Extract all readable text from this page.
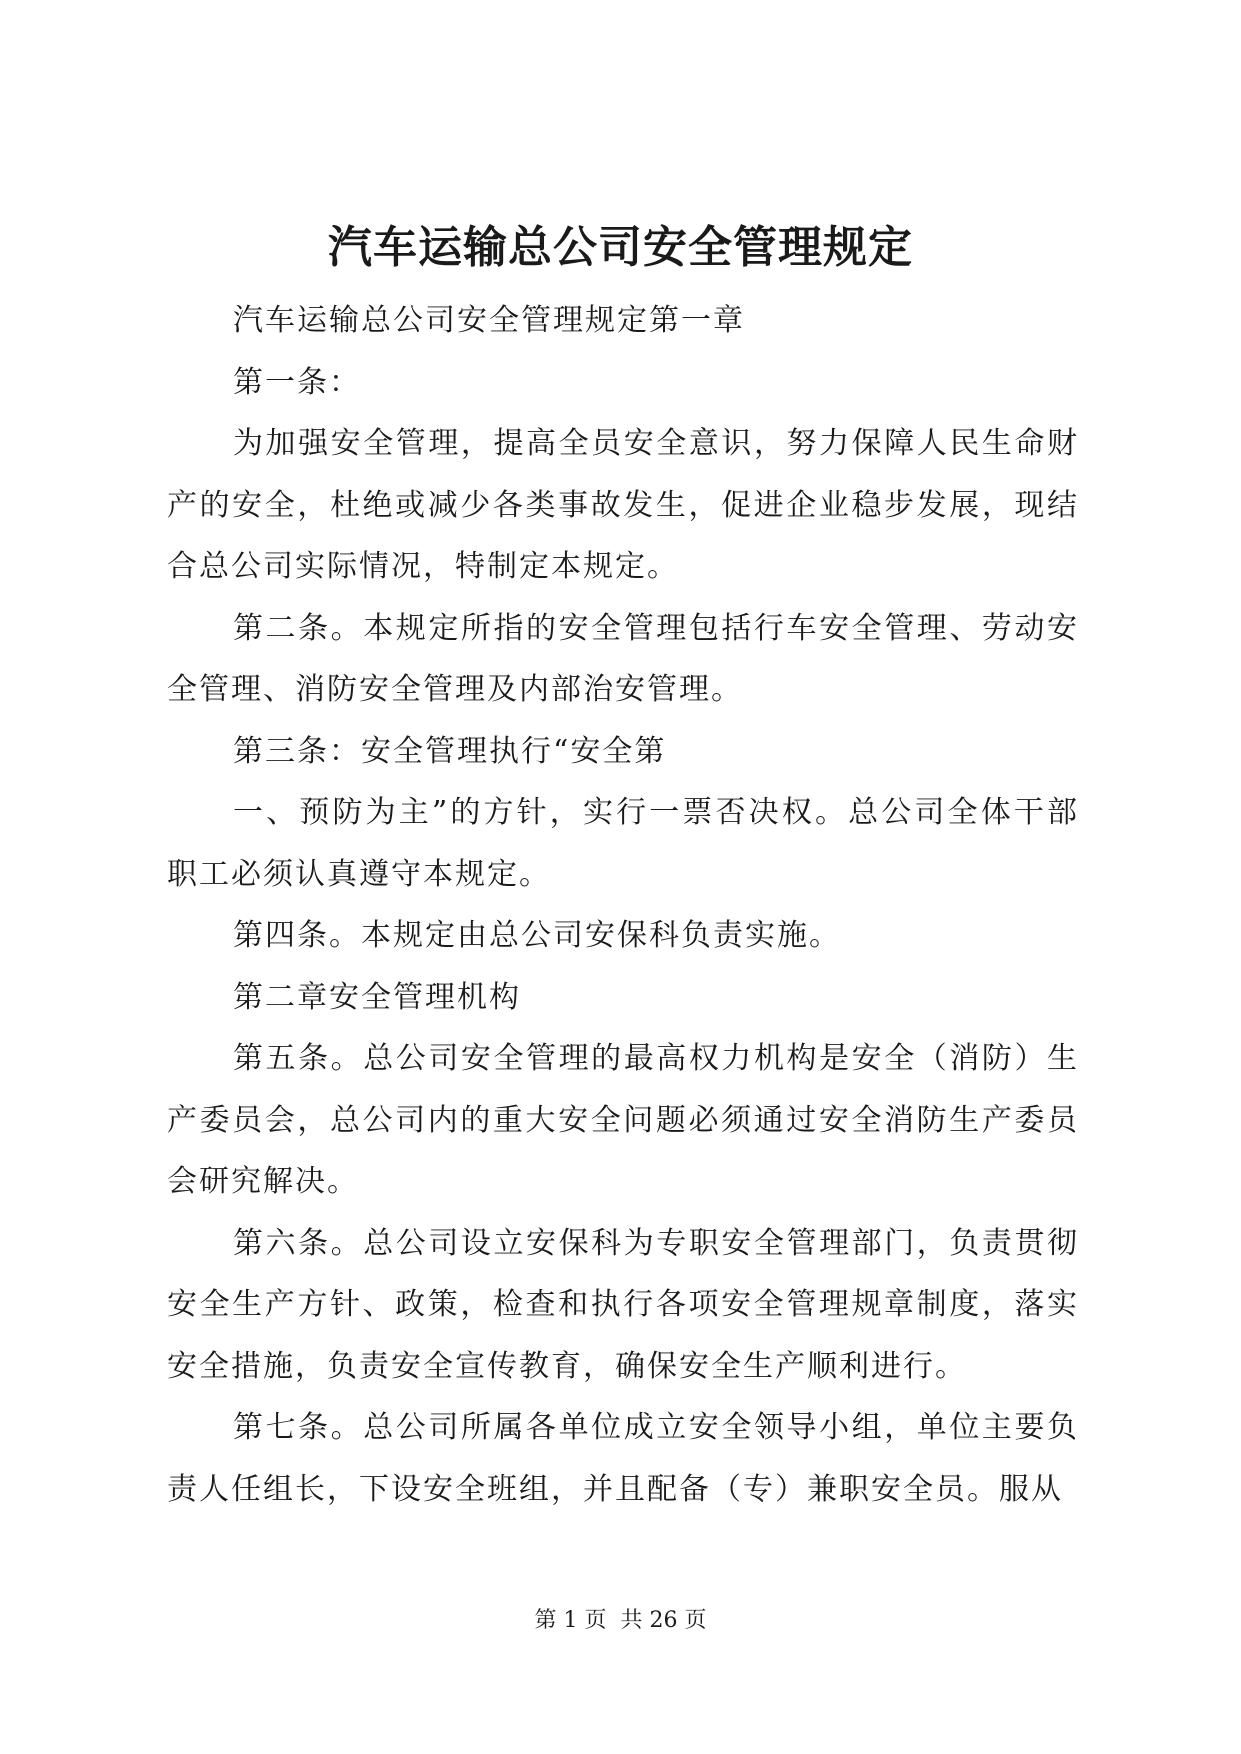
汽车运输总公司安全管理规定

汽车运输总公司安全管理规定第一章

第一条：

为加强安全管理，提高全员安全意识，努力保障人民生命财产的安全，杜绝或减少各类事故发生，促进企业稳步发展，现结合总公司实际情况，特制定本规定。

第二条。本规定所指的安全管理包括行车安全管理、劳动安全管理、消防安全管理及内部治安管理。

第三条：安全管理执行“安全第

一、预防为主”的方针，实行一票否决权。总公司全体干部职工必须认真遵守本规定。

第四条。本规定由总公司安保科负责实施。

第二章安全管理机构

第五条。总公司安全管理的最高权力机构是安全（消防）生产委员会，总公司内的重大安全问题必须通过安全消防生产委员会研究解决。

第六条。总公司设立安保科为专职安全管理部门，负责贯彻安全生产方针、政策，检查和执行各项安全管理规章制度，落实安全措施，负责安全宣传教育，确保安全生产顺利进行。

第七条。总公司所属各单位成立安全领导小组，单位主要负责人任组长，下设安全班组，并且配备（专）兼职安全员。服从

第 1 页  共 26 页
